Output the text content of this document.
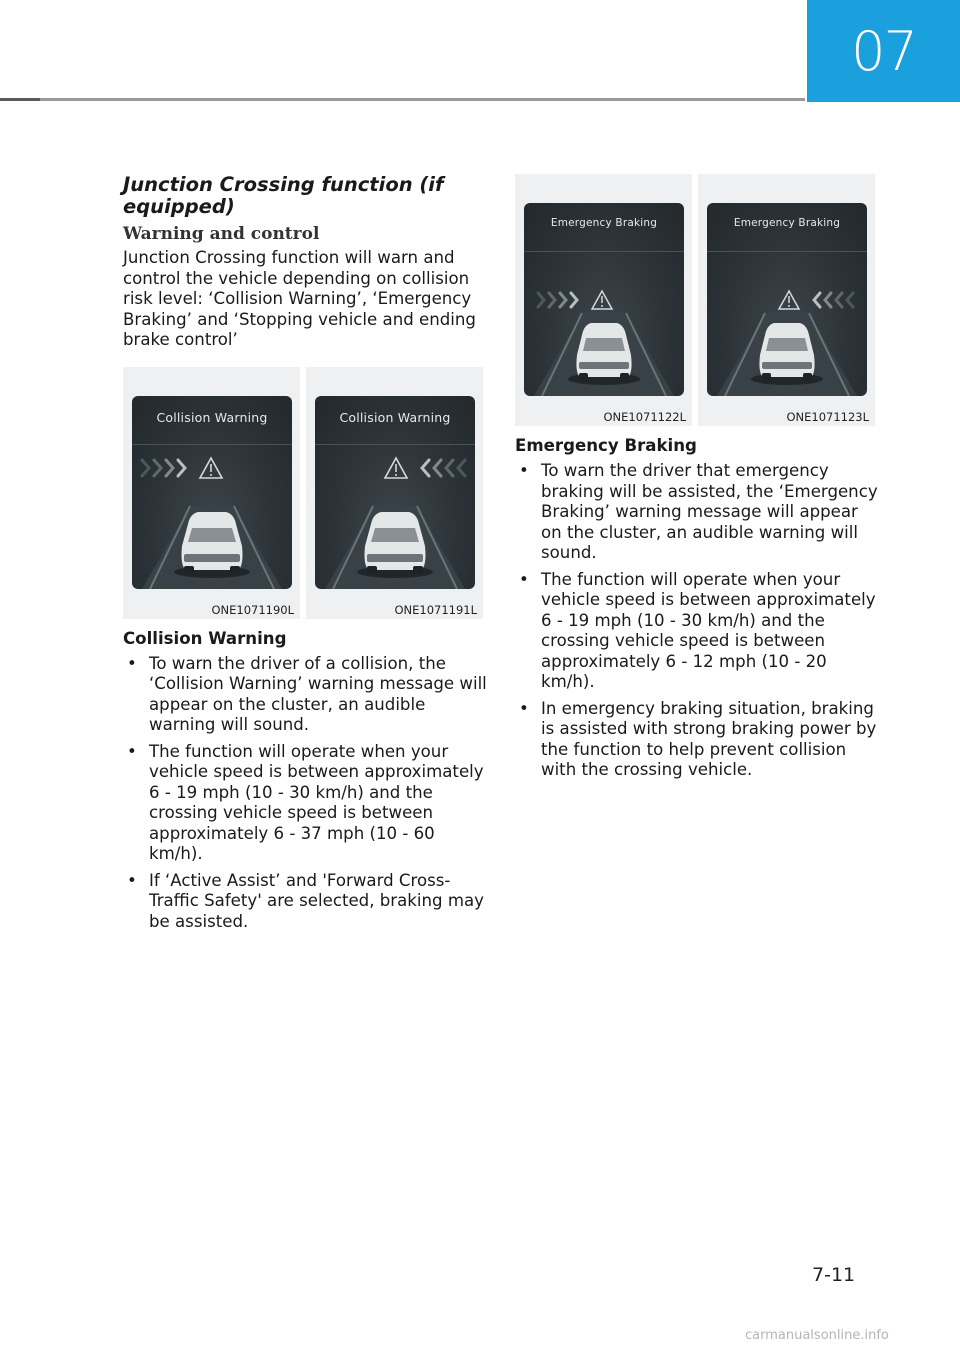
07
Junction Crossing function (if equipped)
Warning and control

Junction Crossing function will warn and control the vehicle depending on collision risk level: ‘Collision Warning’, ‘Emergency Braking’ and ‘Stopping vehicle and ending brake control’

Collision Warning
ONE1071190L
Collision Warning
ONE1071191L
Collision Warning
• To warn the driver of a collision, the ‘Collision Warning’ warning message will appear on the cluster, an audible warning will sound.
• The function will operate when your vehicle speed is between approximately 6 - 19 mph (10 - 30 km/h) and the crossing vehicle speed is between approximately 6 - 37 mph (10 - 60 km/h).
• If ‘Active Assist’ and 'Forward Cross-Traffic Safety' are selected, braking may be assisted.
Emergency Braking
ONE1071122L
Emergency Braking
ONE1071123L
Emergency Braking
• To warn the driver that emergency braking will be assisted, the ‘Emergency Braking’ warning message will appear on the cluster, an audible warning will sound.
• The function will operate when your vehicle speed is between approximately 6 - 19 mph (10 - 30 km/h) and the crossing vehicle speed is between approximately 6 - 12 mph (10 - 20 km/h).
• In emergency braking situation, braking is assisted with strong braking power by the function to help prevent collision with the crossing vehicle.
7-11
carmanualsonline.info
